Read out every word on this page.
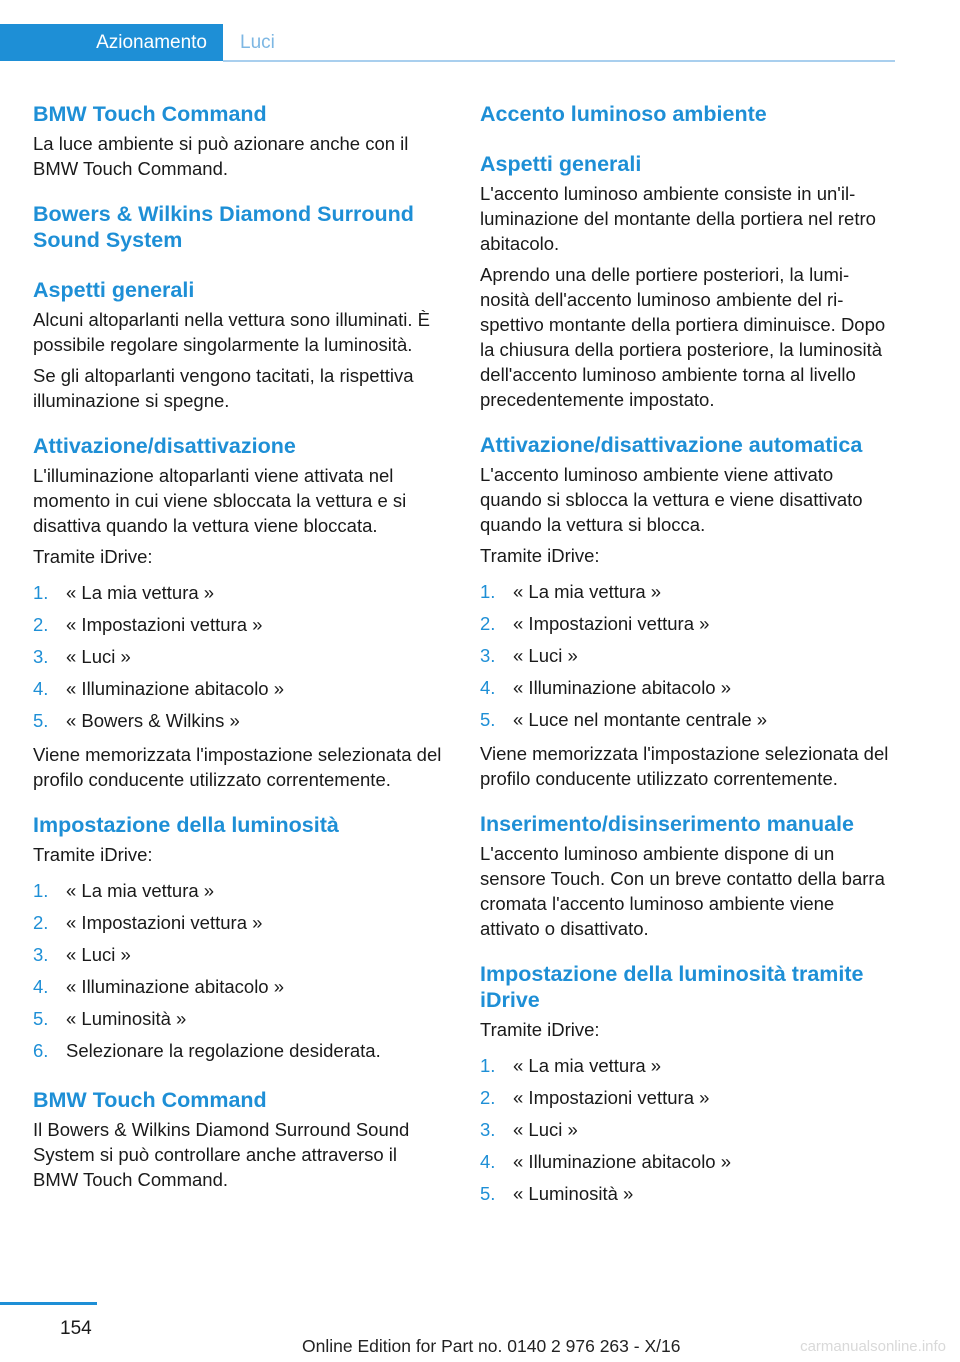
Azionamento	Luci
BMW Touch Command

La luce ambiente si può azionare anche con il BMW Touch Command.

Bowers & Wilkins Diamond Surround Sound System
Aspetti generali

Alcuni altoparlanti nella vettura sono illuminati. È possibile regolare singolarmente la luminosità.

Se gli altoparlanti vengono tacitati, la rispettiva illuminazione si spegne.

Attivazione/disattivazione

L'illuminazione altoparlanti viene attivata nel momento in cui viene sbloccata la vettura e si disattiva quando la vettura viene bloccata.

Tramite iDrive:

1. « La mia vettura »
2. « Impostazioni vettura »
3. « Luci »
4. « Illuminazione abitacolo »
5. « Bowers & Wilkins »

Viene memorizzata l'impostazione selezionata del profilo conducente utilizzato correntemente.

Impostazione della luminosità

Tramite iDrive:

1. « La mia vettura »
2. « Impostazioni vettura »
3. « Luci »
4. « Illuminazione abitacolo »
5. « Luminosità »
6. Selezionare la regolazione desiderata.
BMW Touch Command

Il Bowers & Wilkins Diamond Surround Sound System si può controllare anche attraverso il BMW Touch Command.

Accento luminoso ambiente
Aspetti generali

L'accento luminoso ambiente consiste in un'illuminazione del montante della portiera nel retro abitacolo.

Aprendo una delle portiere posteriori, la luminosità dell'accento luminoso ambiente del rispettivo montante della portiera diminuisce. Dopo la chiusura della portiera posteriore, la luminosità dell'accento luminoso ambiente torna al livello precedentemente impostato.

Attivazione/disattivazione automatica

L'accento luminoso ambiente viene attivato quando si sblocca la vettura e viene disattivato quando la vettura si blocca.

Tramite iDrive:

1. « La mia vettura »
2. « Impostazioni vettura »
3. « Luci »
4. « Illuminazione abitacolo »
5. « Luce nel montante centrale »

Viene memorizzata l'impostazione selezionata del profilo conducente utilizzato correntemente.

Inserimento/disinserimento manuale

L'accento luminoso ambiente dispone di un sensore Touch. Con un breve contatto della barra cromata l'accento luminoso ambiente viene attivato o disattivato.

Impostazione della luminosità tramite iDrive

Tramite iDrive:

1. « La mia vettura »
2. « Impostazioni vettura »
3. « Luci »
4. « Illuminazione abitacolo »
5. « Luminosità »
154
Online Edition for Part no. 0140 2 976 263 - X/16	carmanualsonline.info
